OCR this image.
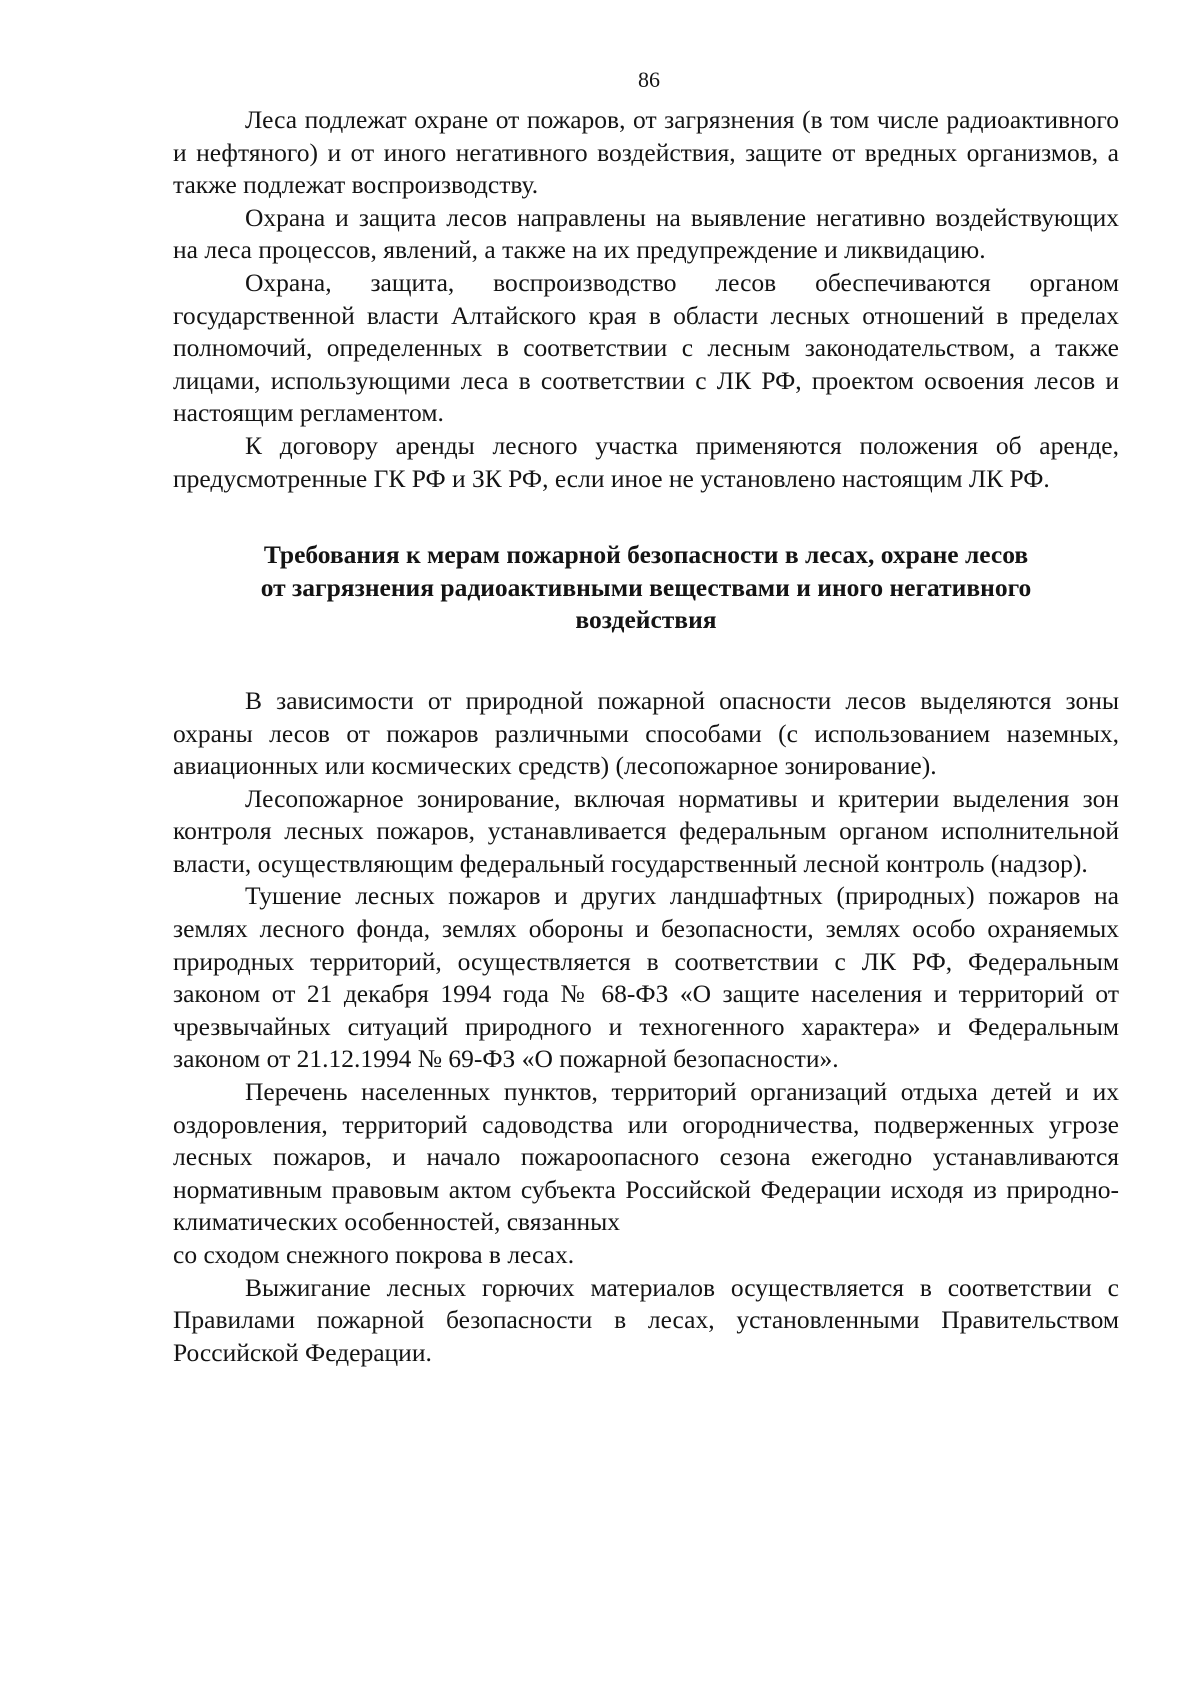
86

Леса подлежат охране от пожаров, от загрязнения (в том числе радиоактивного и нефтяного) и от иного негативного воздействия, защите от вредных организмов, а также подлежат воспроизводству.

Охрана и защита лесов направлены на выявление негативно воздействующих на леса процессов, явлений, а также на их предупреждение и ликвидацию.

Охрана, защита, воспроизводство лесов обеспечиваются органом государственной власти Алтайского края в области лесных отношений в пределах полномочий, определенных в соответствии с лесным законодательством, а также лицами, использующими леса в соответствии с ЛК РФ, проектом освоения лесов и настоящим регламентом.

К договору аренды лесного участка применяются положения об аренде, предусмотренные ГК РФ и ЗК РФ, если иное не установлено настоящим ЛК РФ.

Требования к мерам пожарной безопасности в лесах, охране лесов
от загрязнения радиоактивными веществами и иного негативного
воздействия

В зависимости от природной пожарной опасности лесов выделяются зоны охраны лесов от пожаров различными способами (с использованием наземных, авиационных или космических средств) (лесопожарное зонирование).

Лесопожарное зонирование, включая нормативы и критерии выделения зон контроля лесных пожаров, устанавливается федеральным органом исполнительной власти, осуществляющим федеральный государственный лесной контроль (надзор).

Тушение лесных пожаров и других ландшафтных (природных) пожаров на землях лесного фонда, землях обороны и безопасности, землях особо охраняемых природных территорий, осуществляется в соответствии с ЛК РФ, Федеральным законом от 21 декабря 1994 года № 68-ФЗ «О защите населения и территорий от чрезвычайных ситуаций природного и техногенного характера» и Федеральным законом от 21.12.1994 № 69-ФЗ «О пожарной безопасности».

Перечень населенных пунктов, территорий организаций отдыха детей и их оздоровления, территорий садоводства или огородничества, подверженных угрозе лесных пожаров, и начало пожароопасного сезона ежегодно устанавливаются нормативным правовым актом субъекта Российской Федерации исходя из природно-климатических особенностей, связанных

со сходом снежного покрова в лесах.

Выжигание лесных горючих материалов осуществляется в соответствии с Правилами пожарной безопасности в лесах, установленными Правительством Российской Федерации.
